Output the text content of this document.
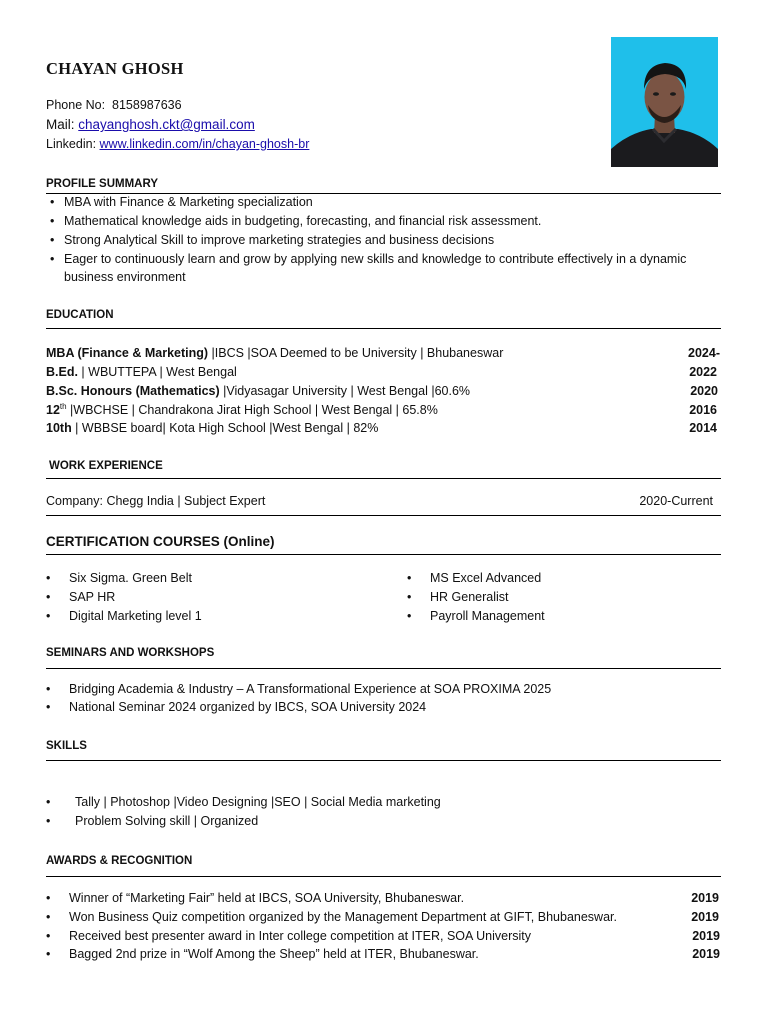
CHAYAN GHOSH
Phone No: 8158987636
Mail: chayanghosh.ckt@gmail.com
Linkedin: www.linkedin.com/in/chayan-ghosh-br
PROFILE SUMMARY
• MBA with Finance & Marketing specialization
• Mathematical knowledge aids in budgeting, forecasting, and financial risk assessment.
• Strong Analytical Skill to improve marketing strategies and business decisions
• Eager to continuously learn and grow by applying new skills and knowledge to contribute effectively in a dynamic
business environment
EDUCATION
MBA (Finance & Marketing) |IBCS |SOA Deemed to be University | Bhubaneswar	2024-
B.Ed. | WBUTTEPA | West Bengal	2022
B.Sc. Honours (Mathematics) |Vidyasagar University | West Bengal |60.6%	2020
12th |WBCHSE | Chandrakona Jirat High School | West Bengal | 65.8%	2016
10th | WBBSE board| Kota High School |West Bengal | 82%	2014
WORK EXPERIENCE
Company: Chegg India | Subject Expert	2020-Current
CERTIFICATION COURSES (Online)
• Six Sigma. Green Belt
• SAP HR
• Digital Marketing level 1
• MS Excel Advanced
• HR Generalist
• Payroll Management
SEMINARS AND WORKSHOPS
• Bridging Academia & Industry – A Transformational Experience at SOA PROXIMA 2025
• National Seminar 2024 organized by IBCS, SOA University 2024
SKILLS
• Tally | Photoshop |Video Designing |SEO | Social Media marketing
• Problem Solving skill | Organized
AWARDS & RECOGNITION
• Winner of “Marketing Fair” held at IBCS, SOA University, Bhubaneswar.	2019
• Won Business Quiz competition organized by the Management Department at GIFT, Bhubaneswar.	2019
• Received best presenter award in Inter college competition at ITER, SOA University	2019
• Bagged 2nd prize in “Wolf Among the Sheep” held at ITER, Bhubaneswar.	2019
